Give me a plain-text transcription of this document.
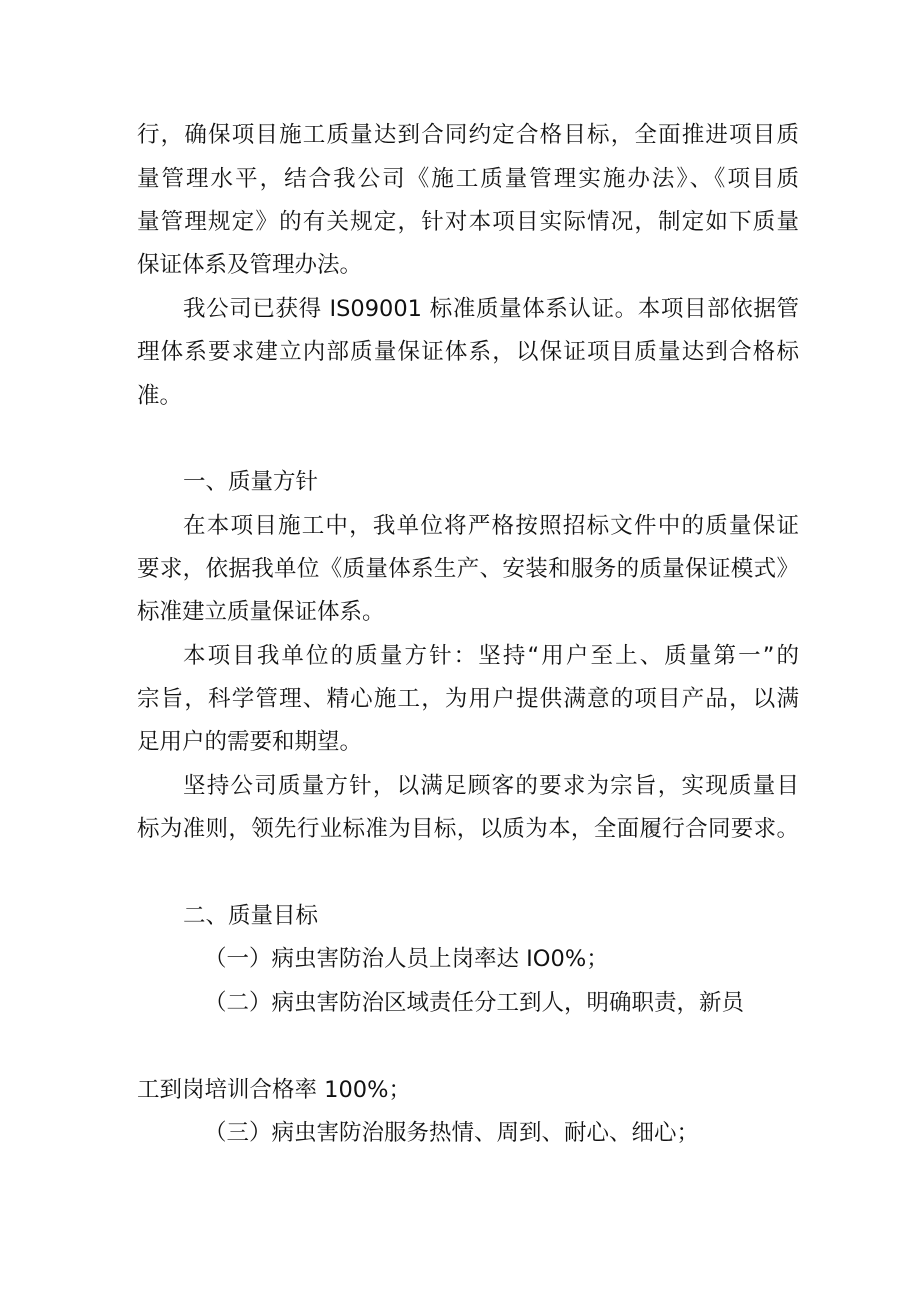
行，确保项目施工质量达到合同约定合格目标，全面推进项目质
量管理水平，结合我公司《施工质量管理实施办法》、《项目质
量管理规定》的有关规定，针对本项目实际情况，制定如下质量
保证体系及管理办法。
我公司已获得 IS09001 标准质量体系认证。本项目部依据管
理体系要求建立内部质量保证体系，以保证项目质量达到合格标
准。
一、质量方针
在本项目施工中，我单位将严格按照招标文件中的质量保证
要求，依据我单位《质量体系生产、安装和服务的质量保证模式》
标准建立质量保证体系。
本项目我单位的质量方针：坚持“用户至上、质量第一”的
宗旨，科学管理、精心施工，为用户提供满意的项目产品，以满
足用户的需要和期望。
坚持公司质量方针，以满足顾客的要求为宗旨，实现质量目
标为准则，领先行业标准为目标，以质为本，全面履行合同要求。
二、质量目标
（一）病虫害防治人员上岗率达 IO0%；
（二）病虫害防治区域责任分工到人，明确职责，新员
工到岗培训合格率 100%；
（三）病虫害防治服务热情、周到、耐心、细心；
